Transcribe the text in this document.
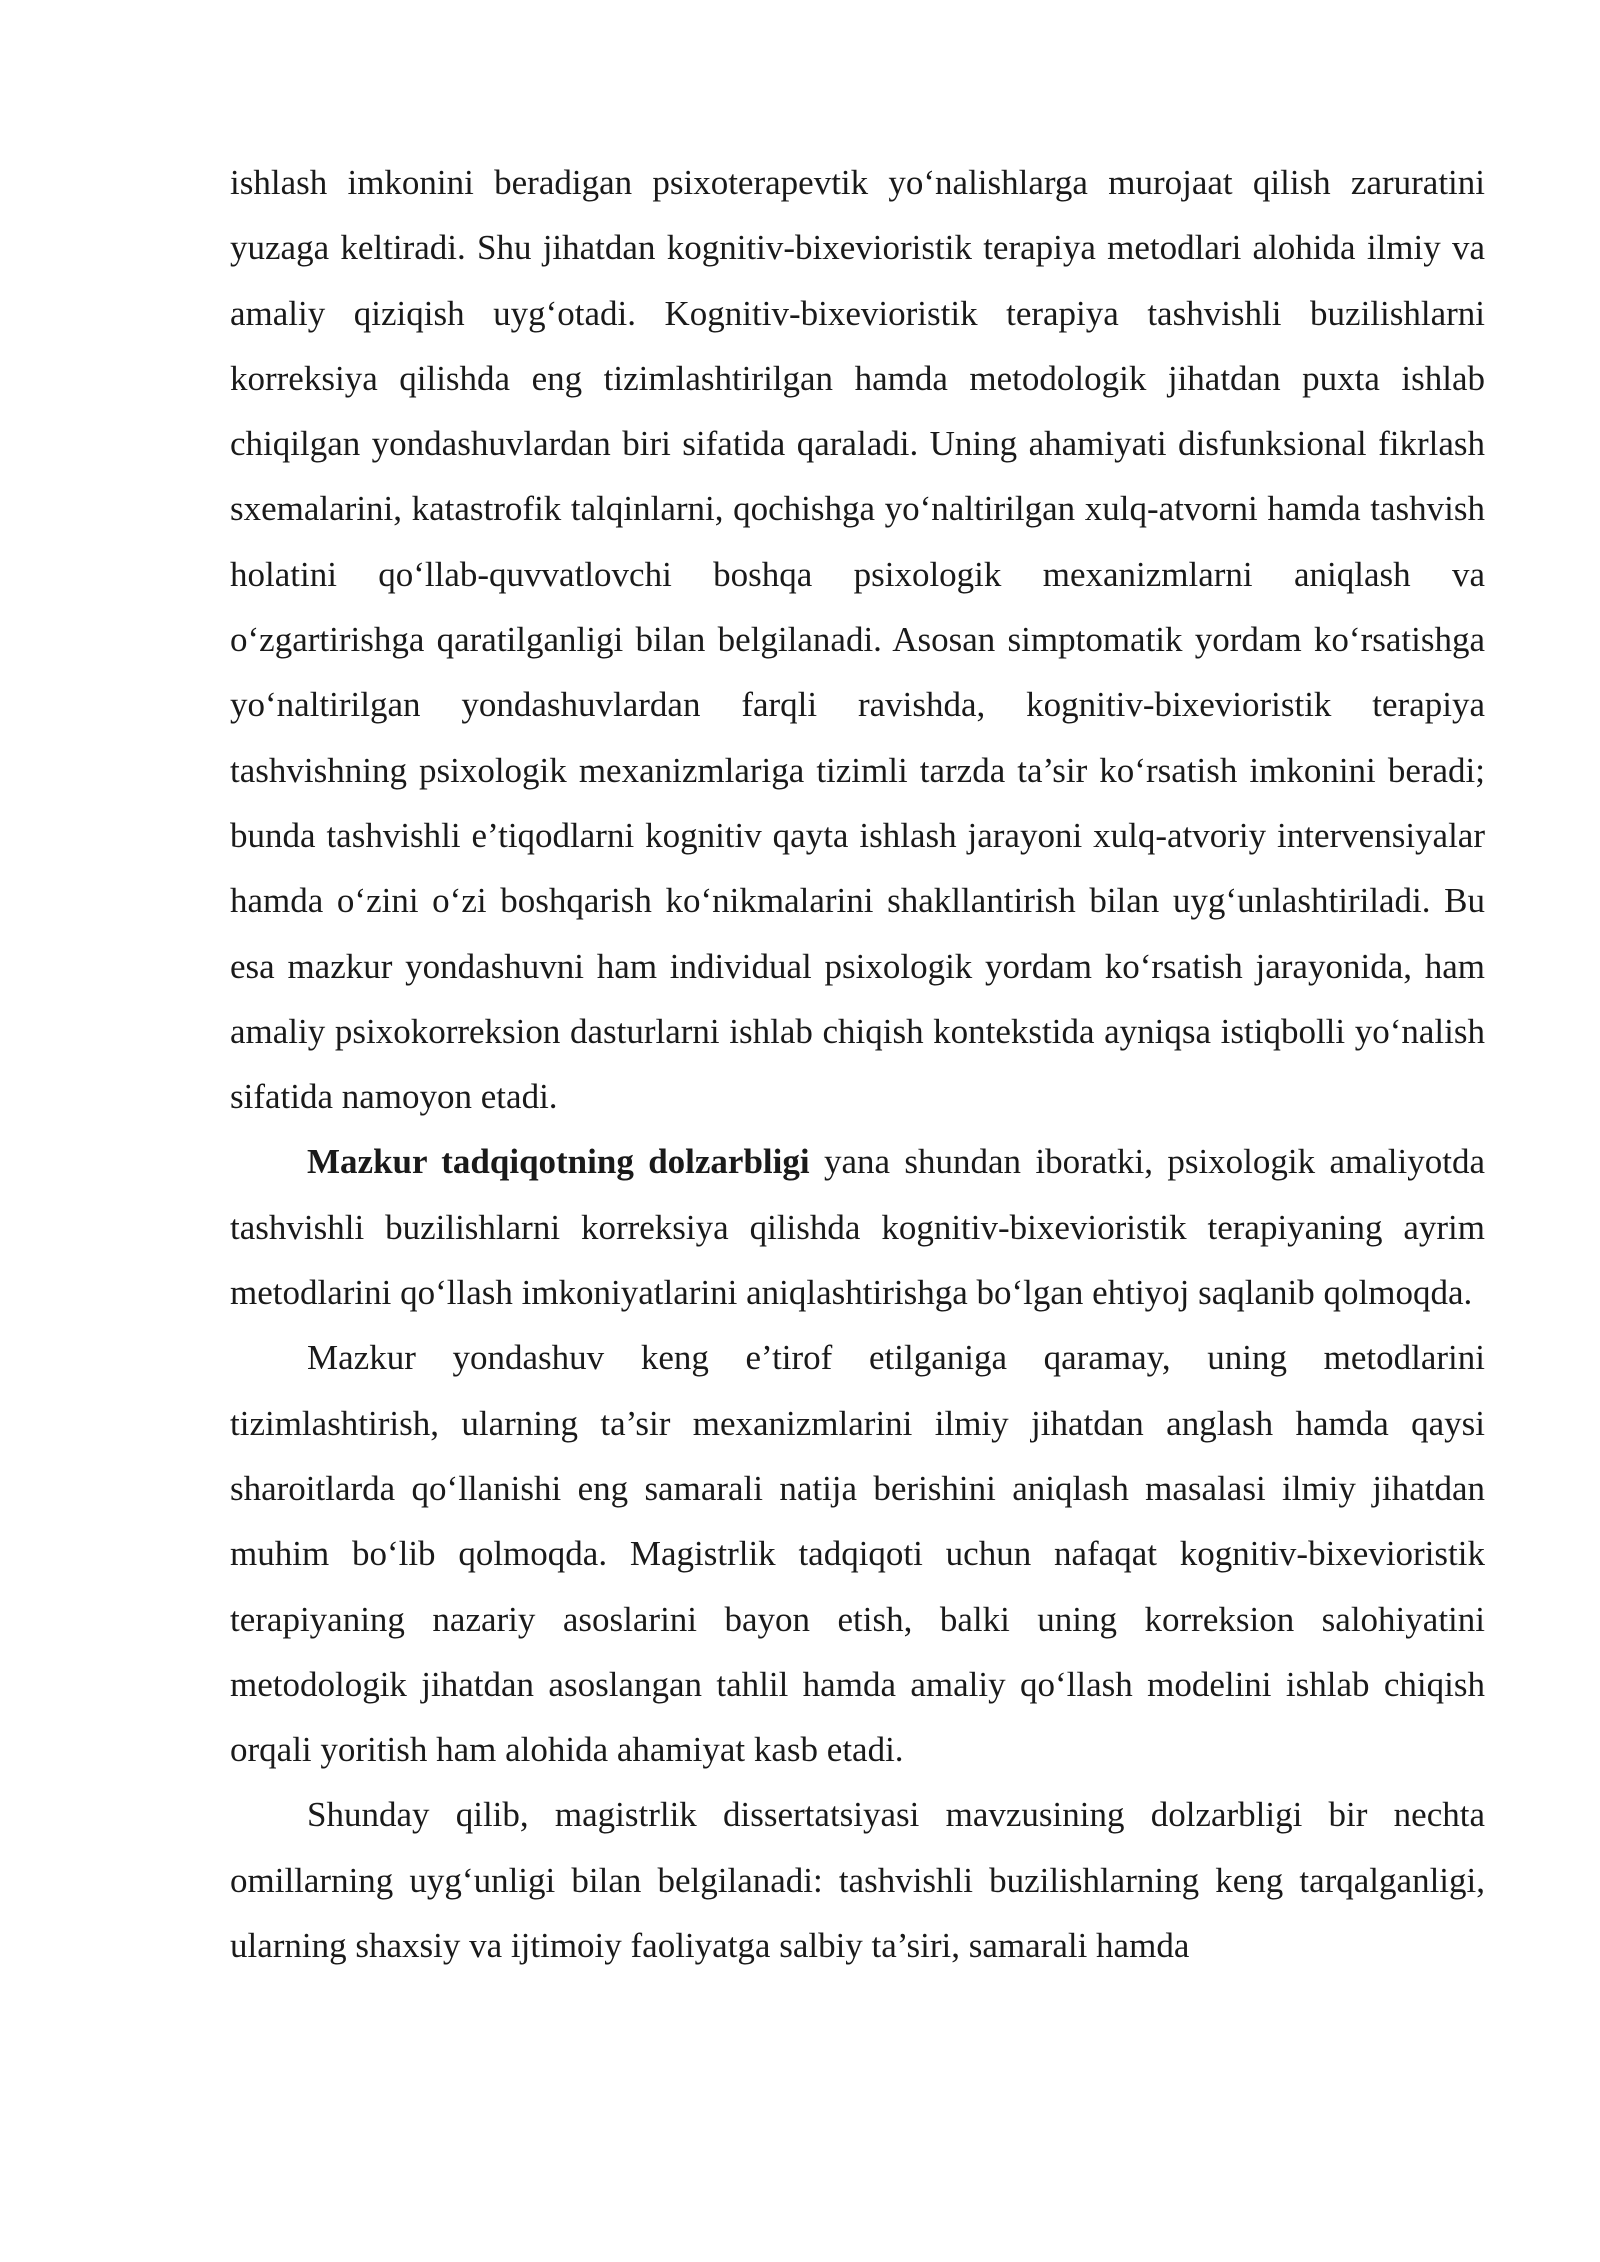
ishlash imkonini beradigan psixoterapevtik yo‘nalishlarga murojaat qilish zaruratini yuzaga keltiradi. Shu jihatdan kognitiv-bixevioristik terapiya metodlari alohida ilmiy va amaliy qiziqish uyg‘otadi. Kognitiv-bixevioristik terapiya tashvishli buzilishlarni korreksiya qilishda eng tizimlashtirilgan hamda metodologik jihatdan puxta ishlab chiqilgan yondashuvlardan biri sifatida qaraladi. Uning ahamiyati disfunksional fikrlash sxemalarini, katastrofik talqinlarni, qochishga yo‘naltirilgan xulq-atvorni hamda tashvish holatini qo‘llab-quvvatlovchi boshqa psixologik mexanizmlarni aniqlash va o‘zgartirishga qaratilganligi bilan belgilanadi. Asosan simptomatik yordam ko‘rsatishga yo‘naltirilgan yondashuvlardan farqli ravishda, kognitiv-bixevioristik terapiya tashvishning psixologik mexanizmlariga tizimli tarzda ta’sir ko‘rsatish imkonini beradi; bunda tashvishli e’tiqodlarni kognitiv qayta ishlash jarayoni xulq-atvoriy intervensiyalar hamda o‘zini o‘zi boshqarish ko‘nikmalarini shakllantirish bilan uyg‘unlashtiriladi. Bu esa mazkur yondashuvni ham individual psixologik yordam ko‘rsatish jarayonida, ham amaliy psixokorreksion dasturlarni ishlab chiqish kontekstida ayniqsa istiqbolli yo‘nalish sifatida namoyon etadi.

Mazkur tadqiqotning dolzarbligi yana shundan iboratki, psixologik amaliyotda tashvishli buzilishlarni korreksiya qilishda kognitiv-bixevioristik terapiyaning ayrim metodlarini qo‘llash imkoniyatlarini aniqlashtirishga bo‘lgan ehtiyoj saqlanib qolmoqda.

Mazkur yondashuv keng e’tirof etilganiga qaramay, uning metodlarini tizimlashtirish, ularning ta’sir mexanizmlarini ilmiy jihatdan anglash hamda qaysi sharoitlarda qo‘llanishi eng samarali natija berishini aniqlash masalasi ilmiy jihatdan muhim bo‘lib qolmoqda. Magistrlik tadqiqoti uchun nafaqat kognitiv-bixevioristik terapiyaning nazariy asoslarini bayon etish, balki uning korreksion salohiyatini metodologik jihatdan asoslangan tahlil hamda amaliy qo‘llash modelini ishlab chiqish orqali yoritish ham alohida ahamiyat kasb etadi.

Shunday qilib, magistrlik dissertatsiyasi mavzusining dolzarbligi bir nechta omillarning uyg‘unligi bilan belgilanadi: tashvishli buzilishlarning keng tarqalganligi, ularning shaxsiy va ijtimoiy faoliyatga salbiy ta’siri, samarali hamda
